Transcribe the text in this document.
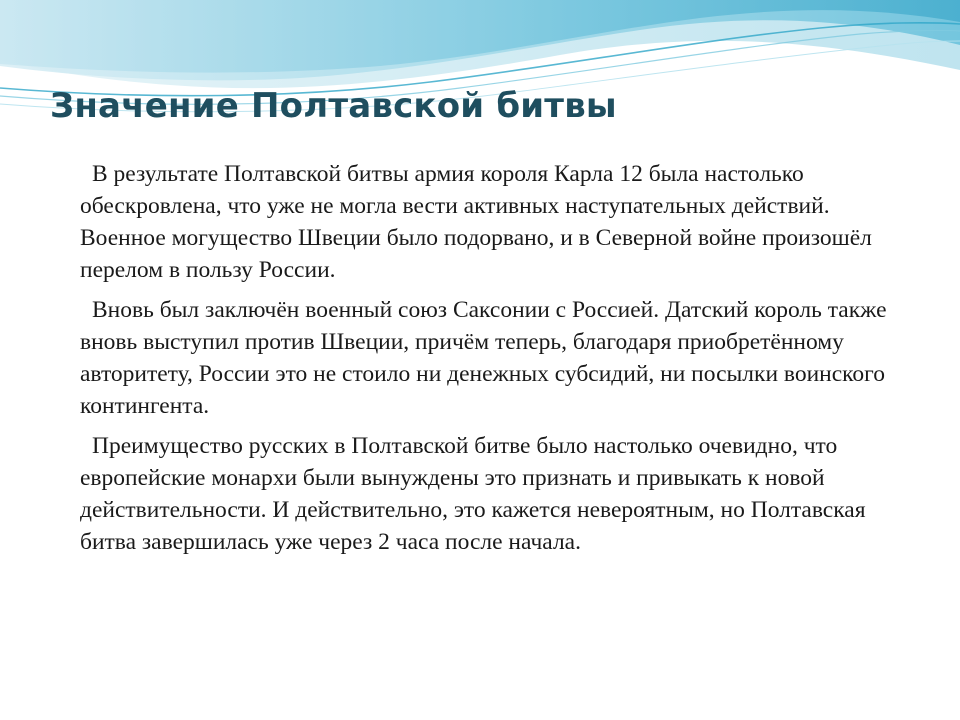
Значение Полтавской битвы

В результате Полтавской битвы армия короля Карла 12 была настолько обескровлена, что уже не могла вести активных наступательных действий. Военное могущество Швеции было подорвано, и в Северной войне произошёл перелом в пользу России.

Вновь был заключён военный союз Саксонии с Россией. Датский король также вновь выступил против Швеции, причём теперь, благодаря приобретённому авторитету, России это не стоило ни денежных субсидий, ни посылки воинского контингента.

Преимущество русских в Полтавской битве было настолько очевидно, что европейские монархи были вынуждены это признать и привыкать к новой действительности. И действительно, это кажется невероятным, но Полтавская битва завершилась уже через 2 часа после начала.
